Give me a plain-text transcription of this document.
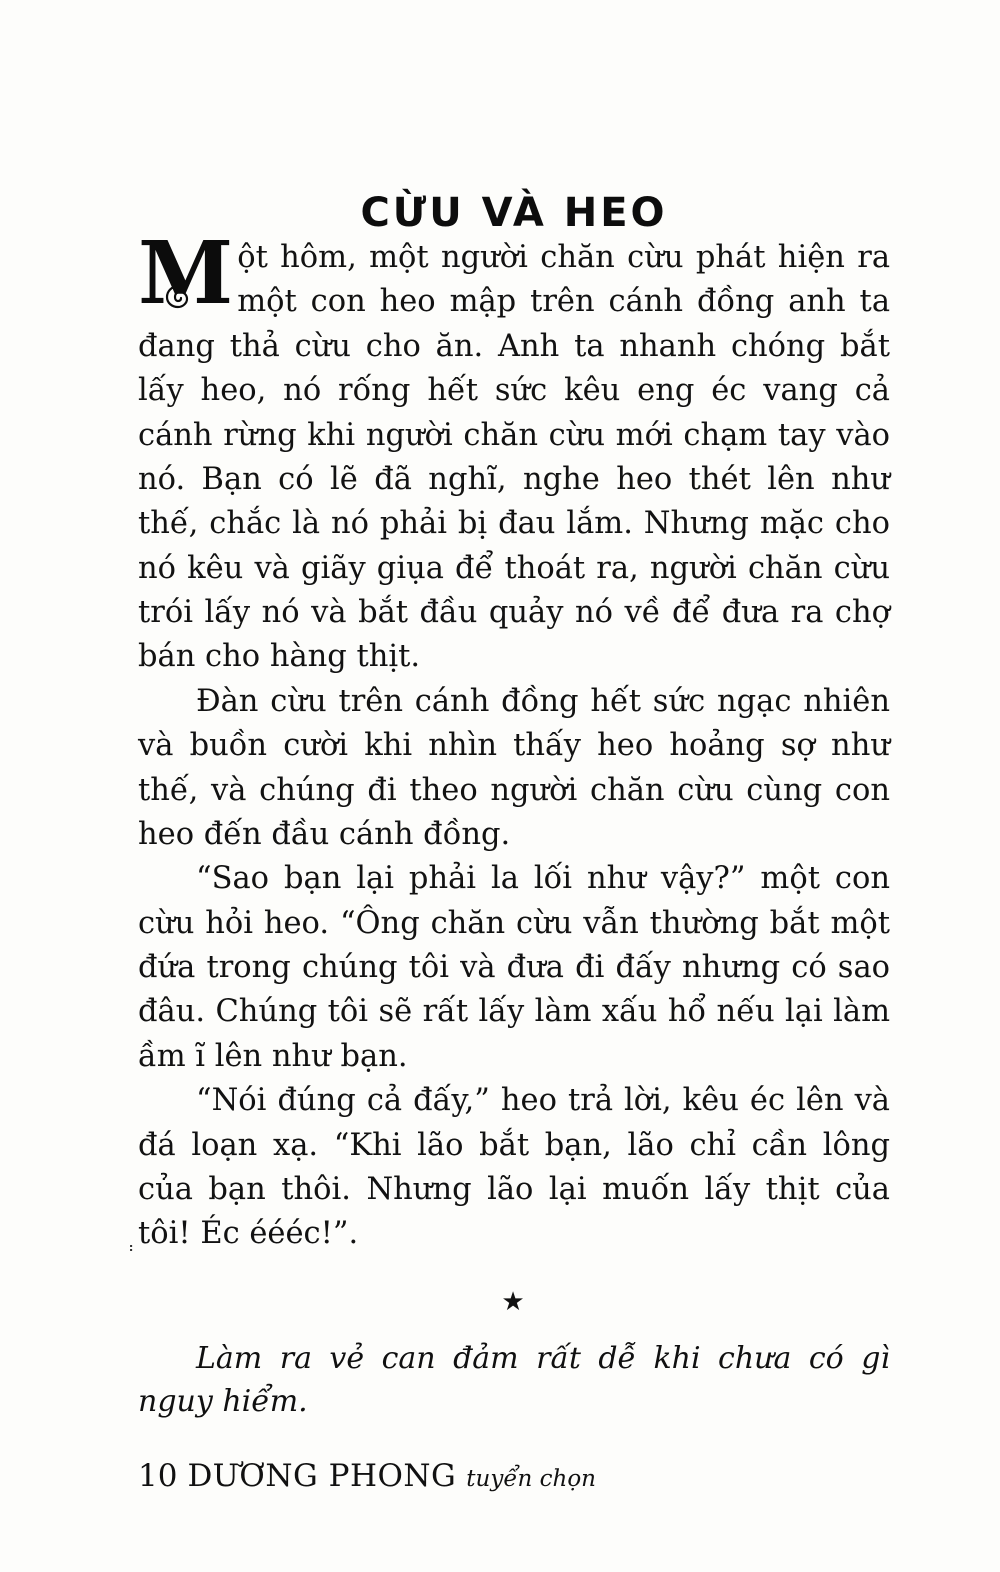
CỪU VÀ HEO
M ột hôm, một người chăn cừu phát hiện ra một con heo mập trên cánh đồng anh ta đang thả cừu cho ăn. Anh ta nhanh chóng bắt lấy heo, nó rống hết sức kêu eng éc vang cả cánh rừng khi người chăn cừu mới chạm tay vào nó. Bạn có lẽ đã nghĩ, nghe heo thét lên như thế, chắc là nó phải bị đau lắm. Nhưng mặc cho nó kêu và giãy giụa để thoát ra, người chăn cừu trói lấy nó và bắt đầu quảy nó về để đưa ra chợ bán cho hàng thịt.

Đàn cừu trên cánh đồng hết sức ngạc nhiên và buồn cười khi nhìn thấy heo hoảng sợ như thế, và chúng đi theo người chăn cừu cùng con heo đến đầu cánh đồng.

“Sao bạn lại phải la lối như vậy?” một con cừu hỏi heo. “Ông chăn cừu vẫn thường bắt một đứa trong chúng tôi và đưa đi đấy nhưng có sao đâu. Chúng tôi sẽ rất lấy làm xấu hổ nếu lại làm ầm ĩ lên như bạn.

“Nói đúng cả đấy,” heo trả lời, kêu éc lên và đá loạn xạ. “Khi lão bắt bạn, lão chỉ cần lông của bạn thôi. Nhưng lão lại muốn lấy thịt của tôi! Éc éééc!”.

★

Làm ra vẻ can đảm rất dễ khi chưa có gì nguy hiểm.

⠆
10 DƯƠNG PHONG tuyển chọn
